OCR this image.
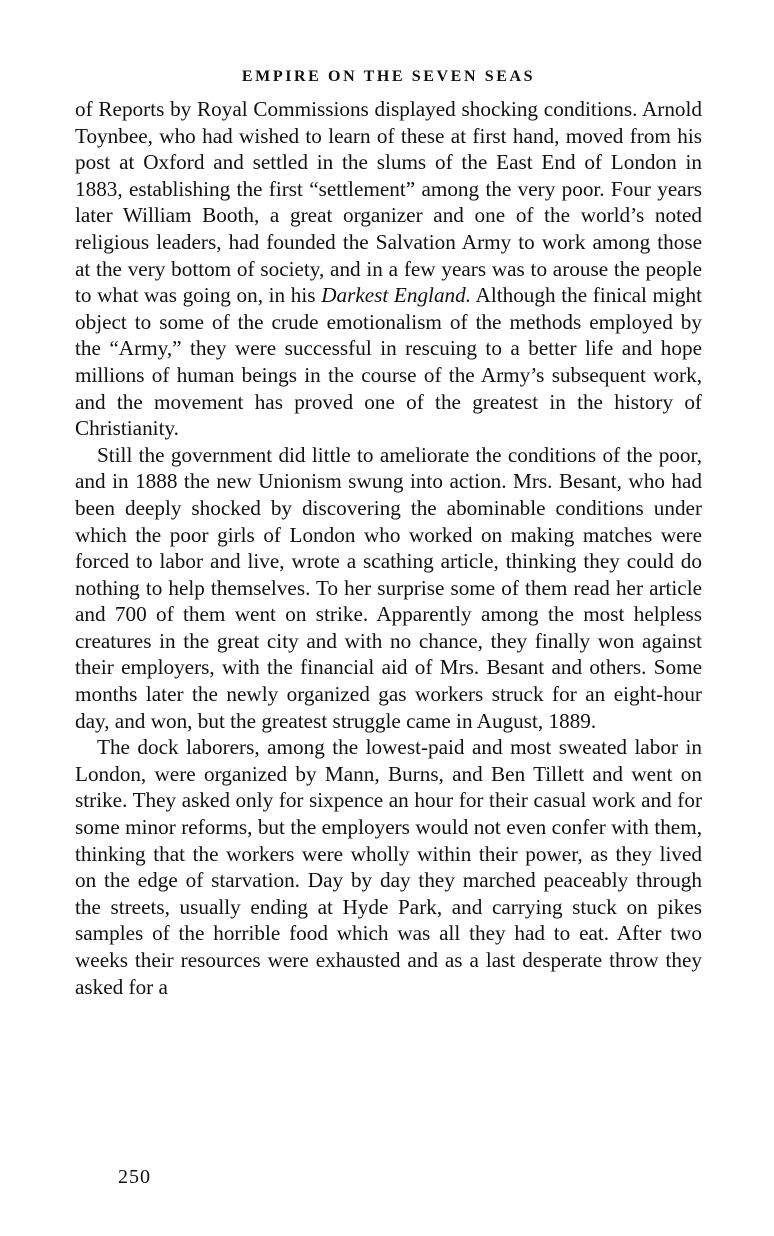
EMPIRE ON THE SEVEN SEAS

of Reports by Royal Commissions displayed shocking conditions. Arnold Toynbee, who had wished to learn of these at first hand, moved from his post at Oxford and settled in the slums of the East End of London in 1883, establishing the first “settlement” among the very poor. Four years later William Booth, a great organizer and one of the world’s noted religious leaders, had founded the Salvation Army to work among those at the very bottom of society, and in a few years was to arouse the people to what was going on, in his Darkest England. Although the finical might object to some of the crude emotionalism of the methods employed by the “Army,” they were successful in rescuing to a better life and hope millions of human beings in the course of the Army’s subsequent work, and the movement has proved one of the greatest in the history of Christianity.

Still the government did little to ameliorate the conditions of the poor, and in 1888 the new Unionism swung into action. Mrs. Besant, who had been deeply shocked by discovering the abominable conditions under which the poor girls of London who worked on making matches were forced to labor and live, wrote a scathing article, thinking they could do nothing to help themselves. To her surprise some of them read her article and 700 of them went on strike. Apparently among the most helpless creatures in the great city and with no chance, they finally won against their employers, with the financial aid of Mrs. Besant and others. Some months later the newly organized gas workers struck for an eight-hour day, and won, but the greatest struggle came in August, 1889.

The dock laborers, among the lowest-paid and most sweated labor in London, were organized by Mann, Burns, and Ben Tillett and went on strike. They asked only for sixpence an hour for their casual work and for some minor reforms, but the employers would not even confer with them, thinking that the workers were wholly within their power, as they lived on the edge of starvation. Day by day they marched peaceably through the streets, usually ending at Hyde Park, and carrying stuck on pikes samples of the horrible food which was all they had to eat. After two weeks their resources were exhausted and as a last desperate throw they asked for a

250
